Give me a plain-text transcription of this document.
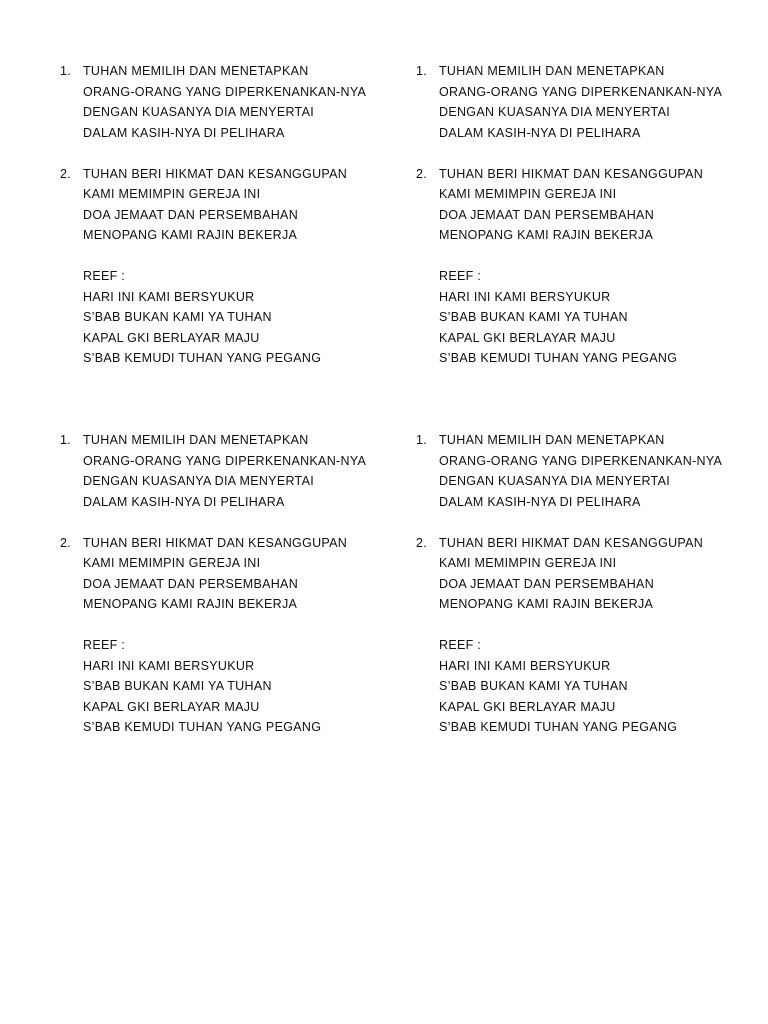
1. TUHAN MEMILIH DAN MENETAPKAN
ORANG-ORANG YANG DIPERKENANKAN-NYA
DENGAN KUASANYA DIA MENYERTAI
DALAM KASIH-NYA DI PELIHARA
2. TUHAN BERI HIKMAT DAN KESANGGUPAN
KAMI MEMIMPIN GEREJA INI
DOA JEMAAT DAN PERSEMBAHAN
MENOPANG KAMI RAJIN BEKERJA
REEF :
HARI INI KAMI BERSYUKUR
S’BAB BUKAN KAMI YA TUHAN
KAPAL GKI BERLAYAR MAJU
S’BAB KEMUDI TUHAN YANG PEGANG
1. TUHAN MEMILIH DAN MENETAPKAN
ORANG-ORANG YANG DIPERKENANKAN-NYA
DENGAN KUASANYA DIA MENYERTAI
DALAM KASIH-NYA DI PELIHARA
2. TUHAN BERI HIKMAT DAN KESANGGUPAN
KAMI MEMIMPIN GEREJA INI
DOA JEMAAT DAN PERSEMBAHAN
MENOPANG KAMI RAJIN BEKERJA
REEF :
HARI INI KAMI BERSYUKUR
S’BAB BUKAN KAMI YA TUHAN
KAPAL GKI BERLAYAR MAJU
S’BAB KEMUDI TUHAN YANG PEGANG
1. TUHAN MEMILIH DAN MENETAPKAN
ORANG-ORANG YANG DIPERKENANKAN-NYA
DENGAN KUASANYA DIA MENYERTAI
DALAM KASIH-NYA DI PELIHARA
2. TUHAN BERI HIKMAT DAN KESANGGUPAN
KAMI MEMIMPIN GEREJA INI
DOA JEMAAT DAN PERSEMBAHAN
MENOPANG KAMI RAJIN BEKERJA
REEF :
HARI INI KAMI BERSYUKUR
S’BAB BUKAN KAMI YA TUHAN
KAPAL GKI BERLAYAR MAJU
S’BAB KEMUDI TUHAN YANG PEGANG
1. TUHAN MEMILIH DAN MENETAPKAN
ORANG-ORANG YANG DIPERKENANKAN-NYA
DENGAN KUASANYA DIA MENYERTAI
DALAM KASIH-NYA DI PELIHARA
2. TUHAN BERI HIKMAT DAN KESANGGUPAN
KAMI MEMIMPIN GEREJA INI
DOA JEMAAT DAN PERSEMBAHAN
MENOPANG KAMI RAJIN BEKERJA
REEF :
HARI INI KAMI BERSYUKUR
S’BAB BUKAN KAMI YA TUHAN
KAPAL GKI BERLAYAR MAJU
S’BAB KEMUDI TUHAN YANG PEGANG
